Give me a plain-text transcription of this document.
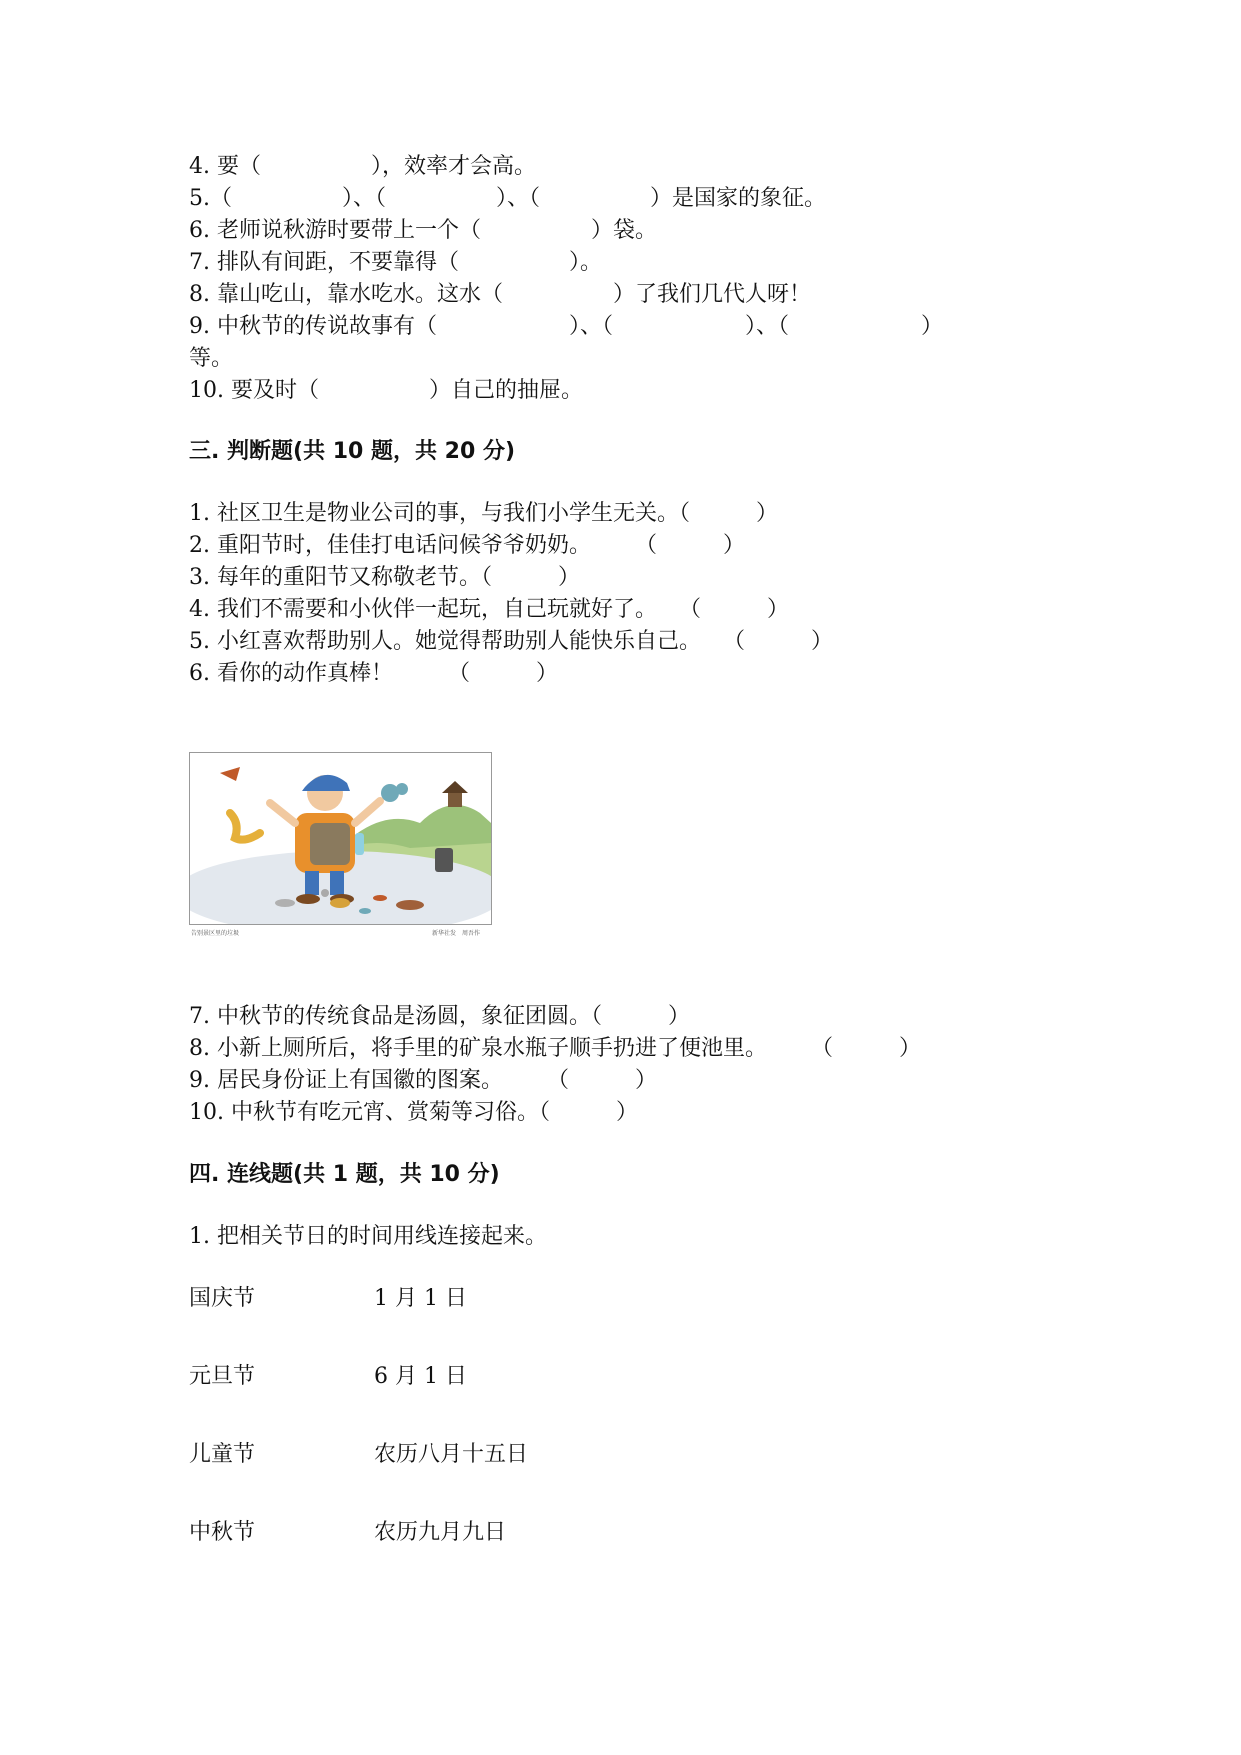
4. 要（　　　　　），效率才会高。
5.（　　　　　）、（　　　　　）、（　　　　　）是国家的象征。
6. 老师说秋游时要带上一个（　　　　　）袋。
7. 排队有间距，不要靠得（　　　　　）。
8. 靠山吃山，靠水吃水。这水（　　　　　）了我们几代人呀！
9. 中秋节的传说故事有（　　　　　　）、（　　　　　　）、（　　　　　　）
等。
10. 要及时（　　　　　）自己的抽屉。
三. 判断题(共 10 题，共 20 分)
1. 社区卫生是物业公司的事，与我们小学生无关。（　　　）
2. 重阳节时，佳佳打电话问候爷爷奶奶。　　　（　　　）
3. 每年的重阳节又称敬老节。（　　　）
4. 我们不需要和小伙伴一起玩，自己玩就好了。　　（　　　）
5. 小红喜欢帮助别人。她觉得帮助别人能快乐自己。　　（　　　）
6. 看你的动作真棒！　　　（　　　）
告别景区里的垃圾	新华社发　周吾作
7. 中秋节的传统食品是汤圆，象征团圆。（　　　）
8. 小新上厕所后，将手里的矿泉水瓶子顺手扔进了便池里。　　　（　　　）
9. 居民身份证上有国徽的图案。　　　（　　　）
10. 中秋节有吃元宵、赏菊等习俗。（　　　）
四. 连线题(共 1 题，共 10 分)
1. 把相关节日的时间用线连接起来。
国庆节	1 月 1 日
元旦节	6 月 1 日
儿童节	农历八月十五日
中秋节	农历九月九日
